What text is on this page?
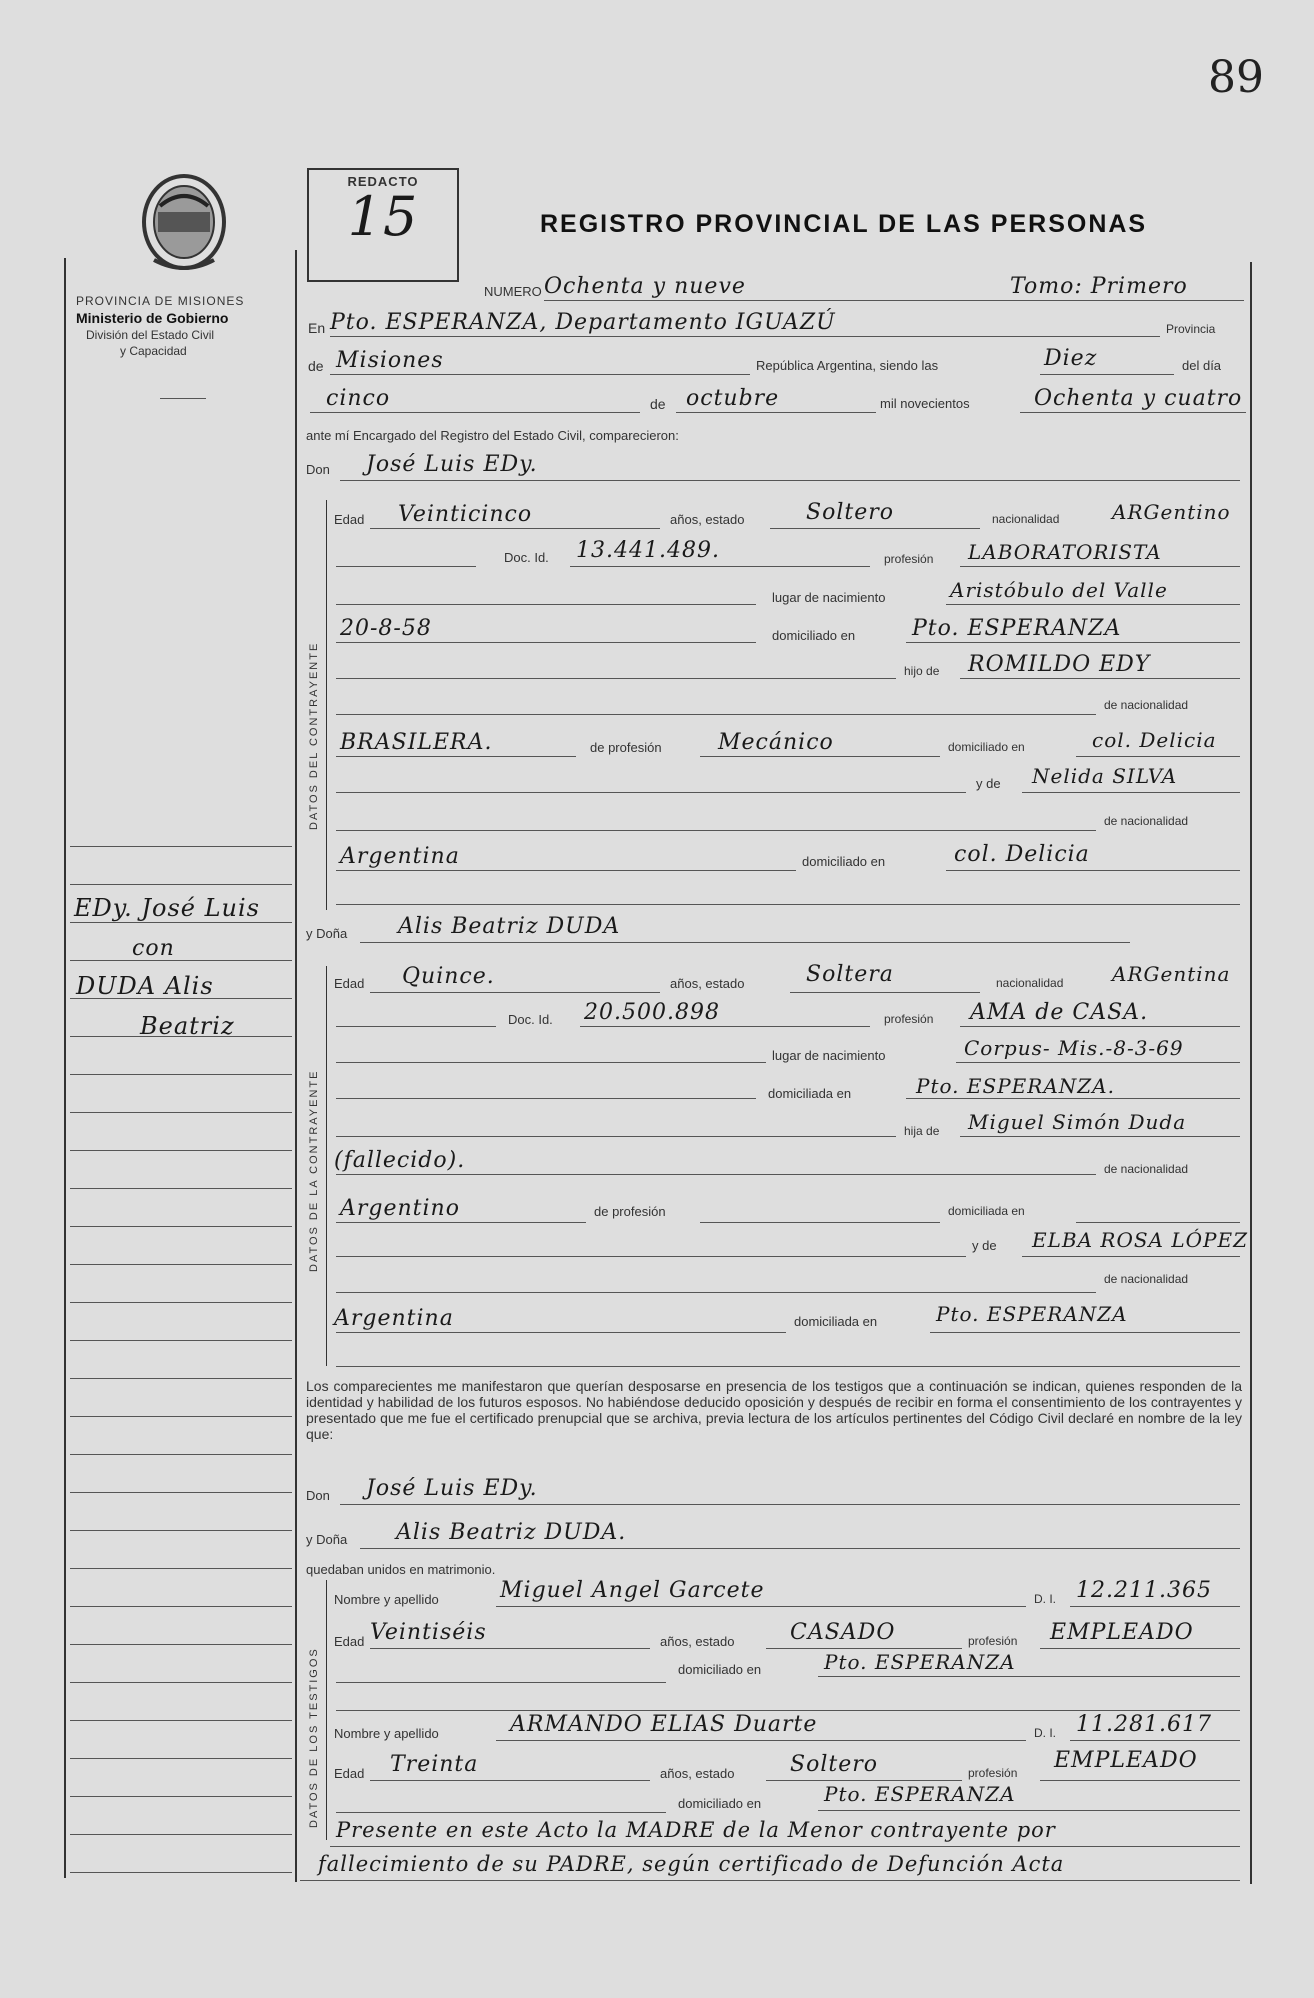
89
PROVINCIA DE MISIONES
Ministerio de Gobierno
División del Estado Civil
y Capacidad
EDy. José Luis
con
DUDA Alis
Beatriz
REDACTO
15	REGISTRO PROVINCIAL DE LAS PERSONAS
NUMERO Ochenta y nueve	Tomo: Primero
En Pto. ESPERANZA, Departamento IGUAZÚ	Provincia
de Misiones	República Argentina, siendo las	Diez	del día
cinco	de octubre	mil novecientos	Ochenta y cuatro
ante mí Encargado del Registro del Estado Civil, comparecieron:
Don José Luis EDy.
DATOS DEL CONTRAYENTE
Edad Veinticinco	años, estado	Soltero	nacionalidad	ARGentino
Doc. Id. 13.441.489.	profesión LABORATORISTA
lugar de nacimiento	Aristóbulo del Valle
20-8-58	domiciliado en	Pto. ESPERANZA
hijo de ROMILDO EDY
de nacionalidad
BRASILERA.	de profesión	Mecánico	domiciliado en	col. Delicia
y de Nelida SILVA
de nacionalidad
Argentina	domiciliado en	col. Delicia
y Doña Alis Beatriz DUDA
DATOS DE LA CONTRAYENTE
Edad Quince.	años, estado	Soltera	nacionalidad ARGentina
Doc. Id. 20.500.898	profesión AMA de CASA.
lugar de nacimiento	Corpus- Mis.-8-3-69
domiciliada en	Pto. ESPERANZA.
hija de Miguel Simón Duda
(fallecido).	de nacionalidad
Argentino	de profesión	domiciliada en
y de ELBA ROSA LÓPEZ
de nacionalidad
Argentina	domiciliada en	Pto. ESPERANZA
Los comparecientes me manifestaron que querían desposarse en presencia de los testigos que a continuación se indican, quienes responden de la identidad y habilidad de los futuros esposos. No habiéndose deducido oposición y después de recibir en forma el consentimiento de los contrayentes y presentado que me fue el certificado prenupcial que se archiva, previa lectura de los artículos pertinentes del Código Civil declaré en nombre de la ley que:
Don José Luis EDy.
y Doña Alis Beatriz DUDA.
quedaban unidos en matrimonio.
DATOS DE LOS TESTIGOS
Nombre y apellido	Miguel Angel Garcete	D. I. 12.211.365
Edad Veintiséis	años, estado	CASADO	profesión EMPLEADO
domiciliado en	Pto. ESPERANZA
Nombre y apellido	ARMANDO ELIAS Duarte	D. I. 11.281.617
Edad Treinta	años, estado	Soltero	profesión EMPLEADO
domiciliado en	Pto. ESPERANZA
Presente en este Acto la MADRE de la Menor contrayente por
fallecimiento de su PADRE, según certificado de Defunción Acta
